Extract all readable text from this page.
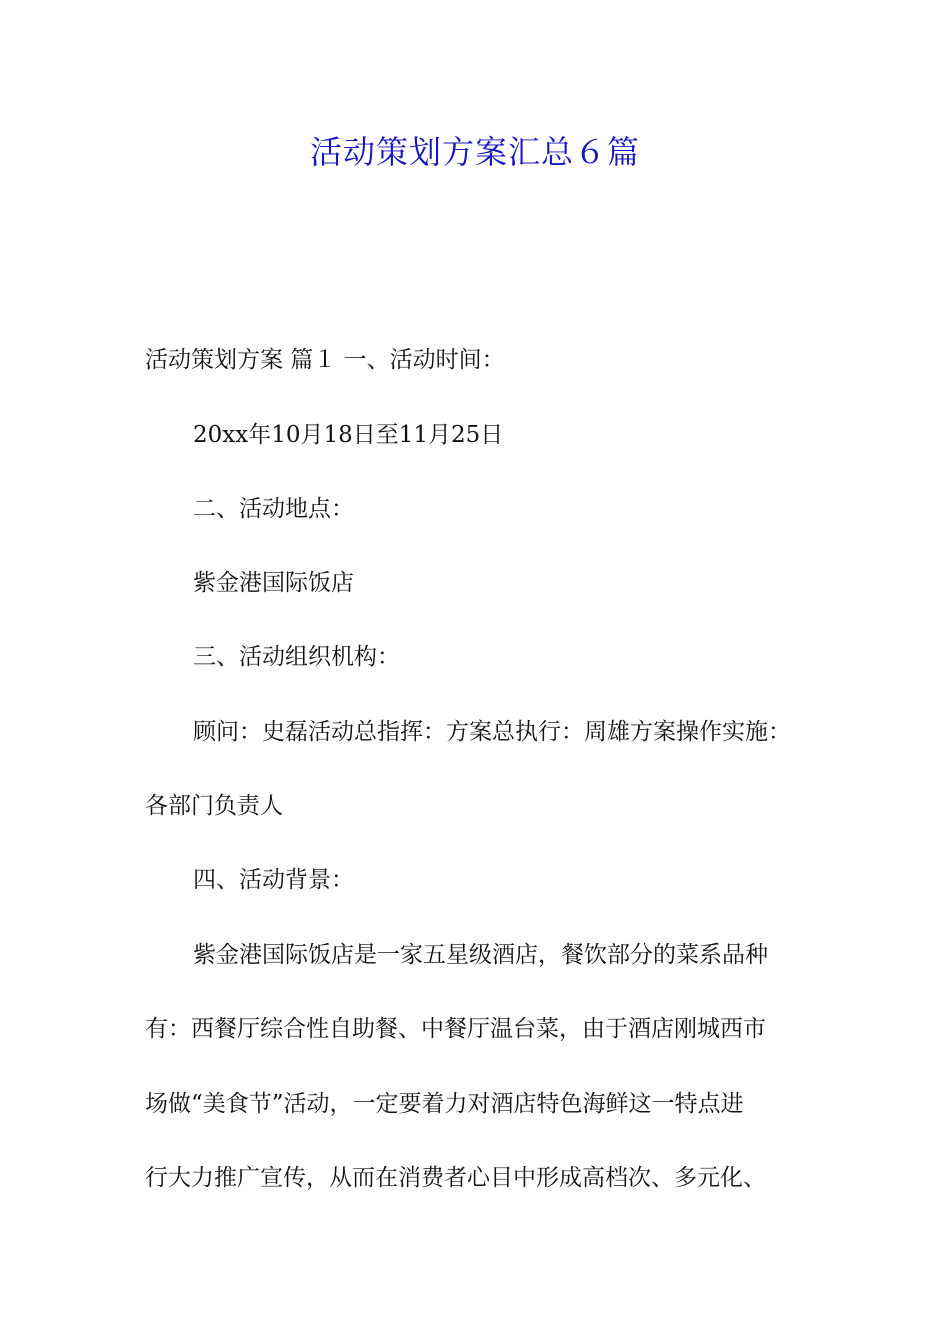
活动策划方案汇总６篇
活动策划方案 篇１ 一、活动时间：
20xx年10月18日至11月25日
二、活动地点：
紫金港国际饭店
三、活动组织机构：
顾问：史磊活动总指挥：方案总执行：周雄方案操作实施：
各部门负责人
四、活动背景：
紫金港国际饭店是一家五星级酒店，餐饮部分的菜系品种
有：西餐厅综合性自助餐、中餐厅温台菜，由于酒店刚城西市
场做“美食节”活动，一定要着力对酒店特色海鲜这一特点进
行大力推广宣传，从而在消费者心目中形成高档次、多元化、
